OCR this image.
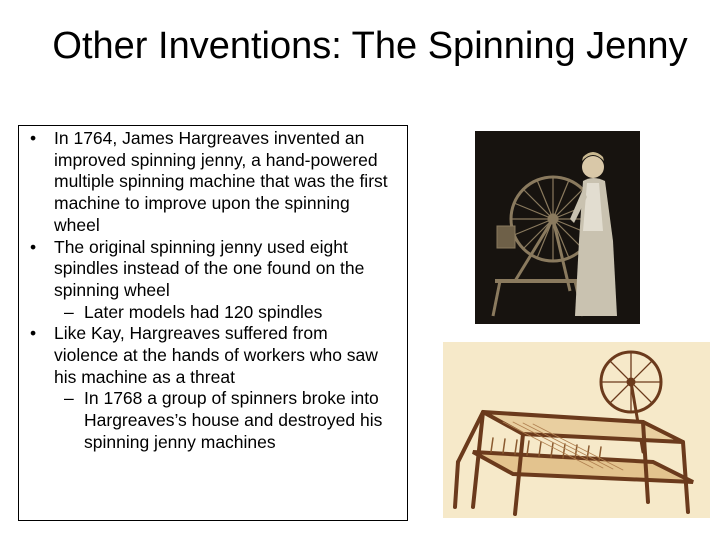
Other Inventions: The Spinning Jenny
• In 1764, James Hargreaves invented an improved spinning jenny, a hand-powered multiple spinning machine that was the first machine to improve upon the spinning wheel
• The original spinning jenny used eight spindles instead of the one found on the spinning wheel
– Later models had 120 spindles
• Like Kay, Hargreaves suffered from violence at the hands of workers who saw his machine as a threat
– In 1768 a group of spinners broke into Hargreaves’s house and destroyed his spinning jenny machines
